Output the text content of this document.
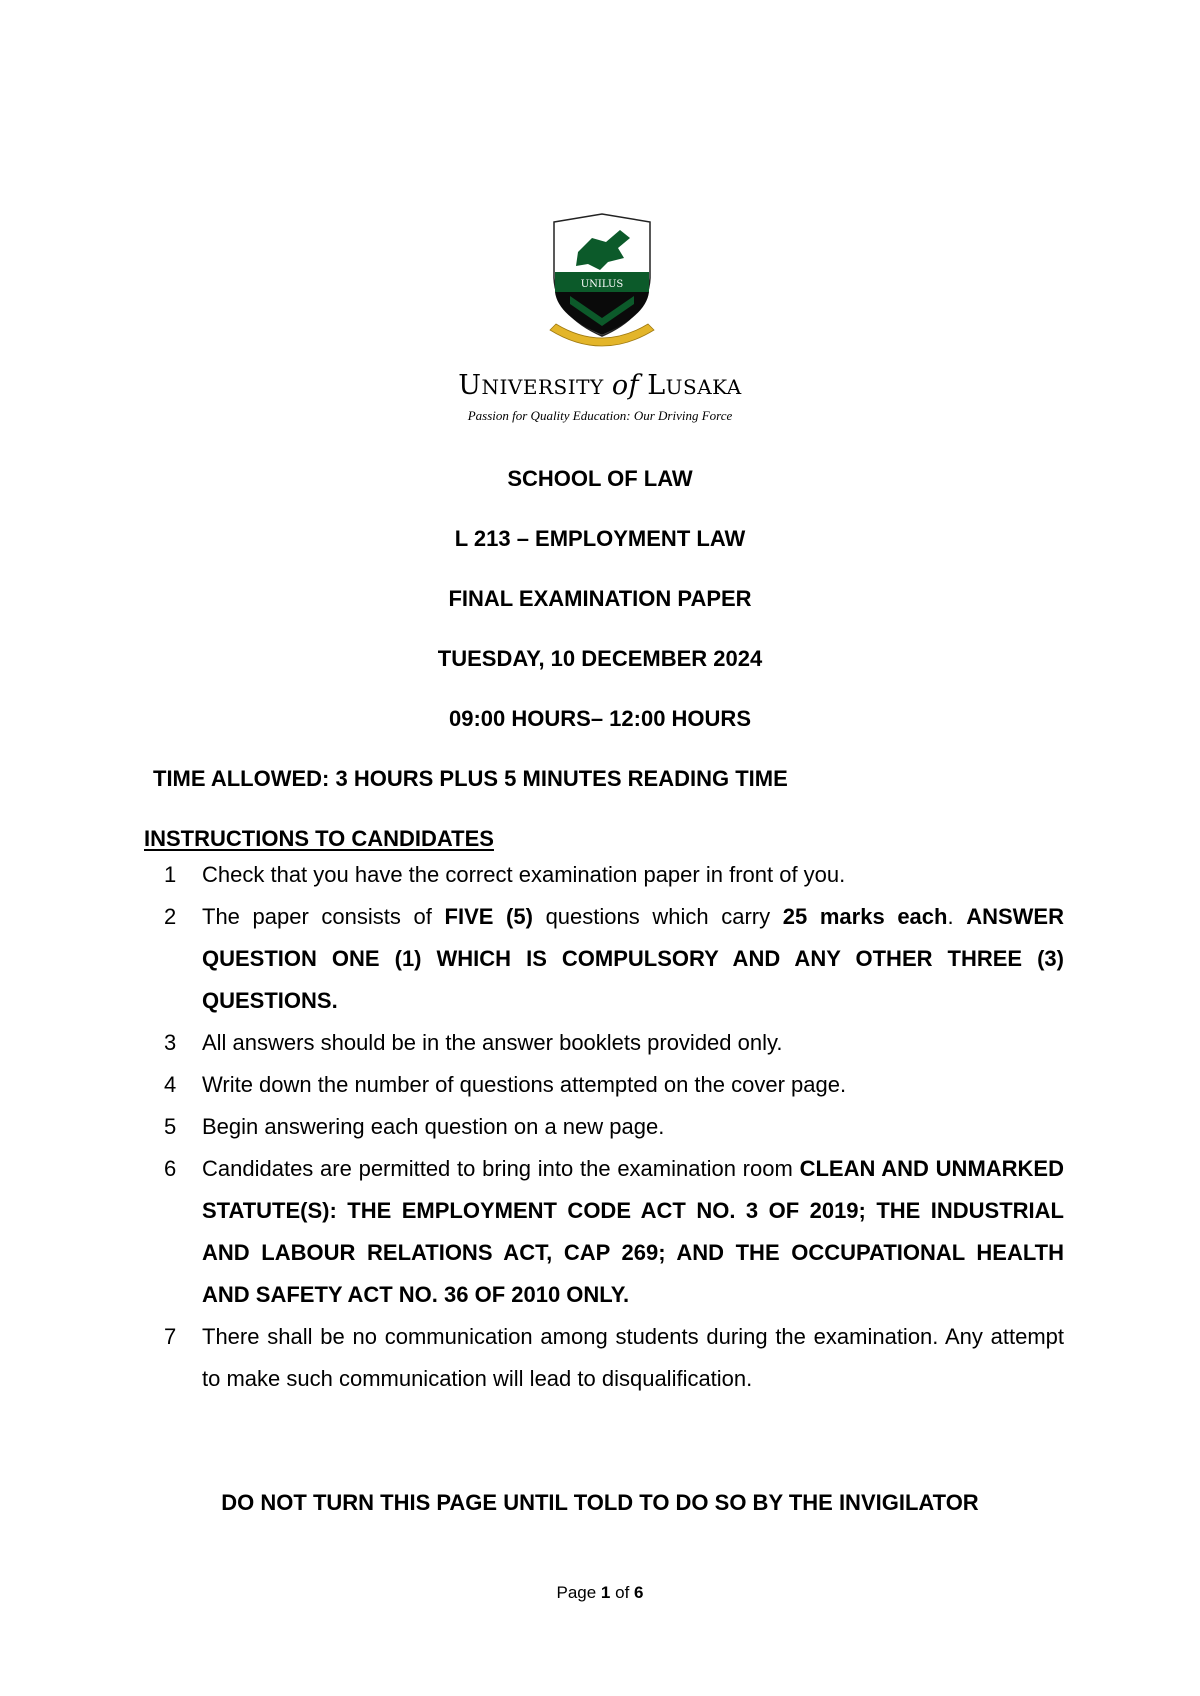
UNILUS
UNIVERSITY of LUSAKA
Passion for Quality Education: Our Driving Force
SCHOOL OF LAW
L 213 – EMPLOYMENT LAW
FINAL EXAMINATION PAPER
TUESDAY, 10 DECEMBER 2024
09:00 HOURS– 12:00 HOURS
TIME ALLOWED: 3 HOURS PLUS 5 MINUTES READING TIME
INSTRUCTIONS TO CANDIDATES
1	Check that you have the correct examination paper in front of you.
2	The paper consists of FIVE (5) questions which carry 25 marks each. ANSWER QUESTION ONE (1) WHICH IS COMPULSORY AND ANY OTHER THREE (3) QUESTIONS.
3	All answers should be in the answer booklets provided only.
4	Write down the number of questions attempted on the cover page.
5	Begin answering each question on a new page.
6	Candidates are permitted to bring into the examination room CLEAN AND UNMARKED STATUTE(S): THE EMPLOYMENT CODE ACT NO. 3 OF 2019; THE INDUSTRIAL AND LABOUR RELATIONS ACT, CAP 269; AND THE OCCUPATIONAL HEALTH AND SAFETY ACT NO. 36 OF 2010 ONLY.
7	There shall be no communication among students during the examination. Any attempt to make such communication will lead to disqualification.
DO NOT TURN THIS PAGE UNTIL TOLD TO DO SO BY THE INVIGILATOR
Page 1 of 6
